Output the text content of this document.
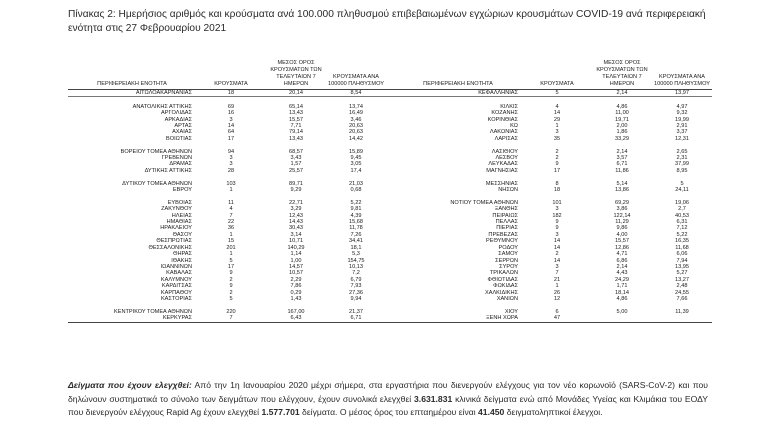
Πίνακας 2: Ημερήσιος αριθμός και κρούσματα ανά 100.000 πληθυσμού επιβεβαιωμένων εγχώριων κρουσμάτων COVID-19 ανά περιφερειακή ενότητα στις 27 Φεβρουαρίου 2021
ΠΕΡΙΦΕΡΕΙΑΚΗ ΕΝΟΤΗΤΑ	ΚΡΟΥΣΜΑΤΑ	ΜΕΣΟΣ ΟΡΟΣ ΚΡΟΥΣΜΑΤΩΝ ΤΩΝ ΤΕΛΕΥΤΑΙΩΝ 7 ΗΜΕΡΩΝ	ΚΡΟΥΣΜΑΤΑ ΑΝΑ 100000 ΠΛΗΘΥΣΜΟΥ		ΠΕΡΙΦΕΡΕΙΑΚΗ ΕΝΟΤΗΤΑ	ΚΡΟΥΣΜΑΤΑ	ΜΕΣΟΣ ΟΡΟΣ ΚΡΟΥΣΜΑΤΩΝ ΤΩΝ ΤΕΛΕΥΤΑΙΩΝ 7 ΗΜΕΡΩΝ	ΚΡΟΥΣΜΑΤΑ ΑΝΑ 100000 ΠΛΗΘΥΣΜΟΥ
ΑΙΤΩΛΟΑΚΑΡΝΑΝΙΑΣ	18	20,14	8,54		ΚΕΦΑΛΛΗΝΙΑΣ	5	2,14	13,97

ΑΝΑΤΟΛΙΚΗΣ ΑΤΤΙΚΗΣ	69	65,14	13,74		ΚΙΛΚΙΣ	4	4,86	4,97
ΑΡΓΟΛΙΔΑΣ	16	13,43	16,49		ΚΟΖΑΝΗΣ	14	11,00	9,32
ΑΡΚΑΔΙΑΣ	3	15,57	3,46		ΚΟΡΙΝΘΙΑΣ	29	19,71	19,99
ΑΡΤΑΣ	14	7,71	20,63		ΚΩ	1	2,00	2,91
ΑΧΑΪΑΣ	64	79,14	20,63		ΛΑΚΩΝΙΑΣ	3	1,86	3,37
ΒΟΙΩΤΙΑΣ	17	13,43	14,42		ΛΑΡΙΣΑΣ	35	33,29	12,31

ΒΟΡΕΙΟΥ ΤΟΜΕΑ ΑΘΗΝΩΝ	94	68,57	15,89		ΛΑΣΙΘΙΟΥ	2	2,14	2,65
ΓΡΕΒΕΝΩΝ	3	3,43	9,45		ΛΕΣΒΟΥ	2	3,57	2,31
ΔΡΑΜΑΣ	3	1,57	3,05		ΛΕΥΚΑΔΑΣ	9	6,71	37,99
ΔΥΤΙΚΗΣ ΑΤΤΙΚΗΣ	28	25,57	17,4		ΜΑΓΝΗΣΙΑΣ	17	11,86	8,95

ΔΥΤΙΚΟΥ ΤΟΜΕΑ ΑΘΗΝΩΝ	103	89,71	21,03		ΜΕΣΣΗΝΙΑΣ	8	5,14	5
ΕΒΡΟΥ	1	9,29	0,68		ΝΗΣΩΝ	18	13,86	24,11

ΕΥΒΟΙΑΣ	11	22,71	5,22		ΝΟΤΙΟΥ ΤΟΜΕΑ ΑΘΗΝΩΝ	101	69,29	19,06
ΖΑΚΥΝΘΟΥ	4	3,29	9,81		ΞΑΝΘΗΣ	3	3,86	2,7
ΗΛΕΙΑΣ	7	12,43	4,39		ΠΕΙΡΑΙΩΣ	182	122,14	40,53
ΗΜΑΘΙΑΣ	22	14,43	15,68		ΠΕΛΛΑΣ	9	11,29	6,31
ΗΡΑΚΛΕΙΟΥ	36	30,43	11,78		ΠΙΕΡΙΑΣ	9	9,86	7,12
ΘΑΣΟΥ	1	3,14	7,26		ΠΡΕΒΕΖΑΣ	3	4,00	5,22
ΘΕΣΠΡΩΤΙΑΣ	15	10,71	34,41		ΡΕΘΥΜΝΟΥ	14	15,57	16,35
ΘΕΣΣΑΛΟΝΙΚΗΣ	201	140,29	18,1		ΡΟΔΟΥ	14	12,86	11,68
ΘΗΡΑΣ	1	1,14	5,3		ΣΑΜΟΥ	2	4,71	6,06
ΙΘΑΚΗΣ	5	1,00	154,75		ΣΕΡΡΩΝ	14	6,86	7,94
ΙΩΑΝΝΙΝΩΝ	17	14,57	10,13		ΣΥΡΟΥ	3	2,14	13,95
ΚΑΒΑΛΑΣ	9	10,57	7,2		ΤΡΙΚΑΛΩΝ	7	4,43	5,27
ΚΑΛΥΜΝΟΥ	2	2,29	6,79		ΦΘΙΩΤΙΔΑΣ	21	24,29	13,27
ΚΑΡΔΙΤΣΑΣ	9	7,86	7,93		ΦΩΚΙΔΑΣ	1	1,71	2,48
ΚΑΡΠΑΘΟΥ	2	0,29	27,36		ΧΑΛΚΙΔΙΚΗΣ	26	18,14	24,55
ΚΑΣΤΟΡΙΑΣ	5	1,43	9,94		ΧΑΝΙΩΝ	12	4,86	7,66

ΚΕΝΤΡΙΚΟΥ ΤΟΜΕΑ ΑΘΗΝΩΝ	220	167,00	21,37		ΧΙΟΥ	6	5,00	11,39
ΚΕΡΚΥΡΑΣ	7	6,43	6,71		ΞΕΝΗ ΧΩΡΑ	47		
Δείγματα που έχουν ελεγχθεί: Από την 1η Ιανουαρίου 2020 μέχρι σήμερα, στα εργαστήρια που διενεργούν ελέγχους για τον νέο κορωνοϊό (SARS-CoV-2) και που δηλώνουν συστηματικά το σύνολο των δειγμάτων που ελέγχουν, έχουν συνολικά ελεγχθεί 3.631.831 κλινικά δείγματα ενώ από Μονάδες Υγείας και Κλιμάκια του ΕΟΔΥ που διενεργούν ελέγχους Rapid Ag έχουν ελεγχθεί 1.577.701 δείγματα. Ο μέσος όρος του επταημέρου είναι 41.450 δειγματοληπτικοί έλεγχοι.
